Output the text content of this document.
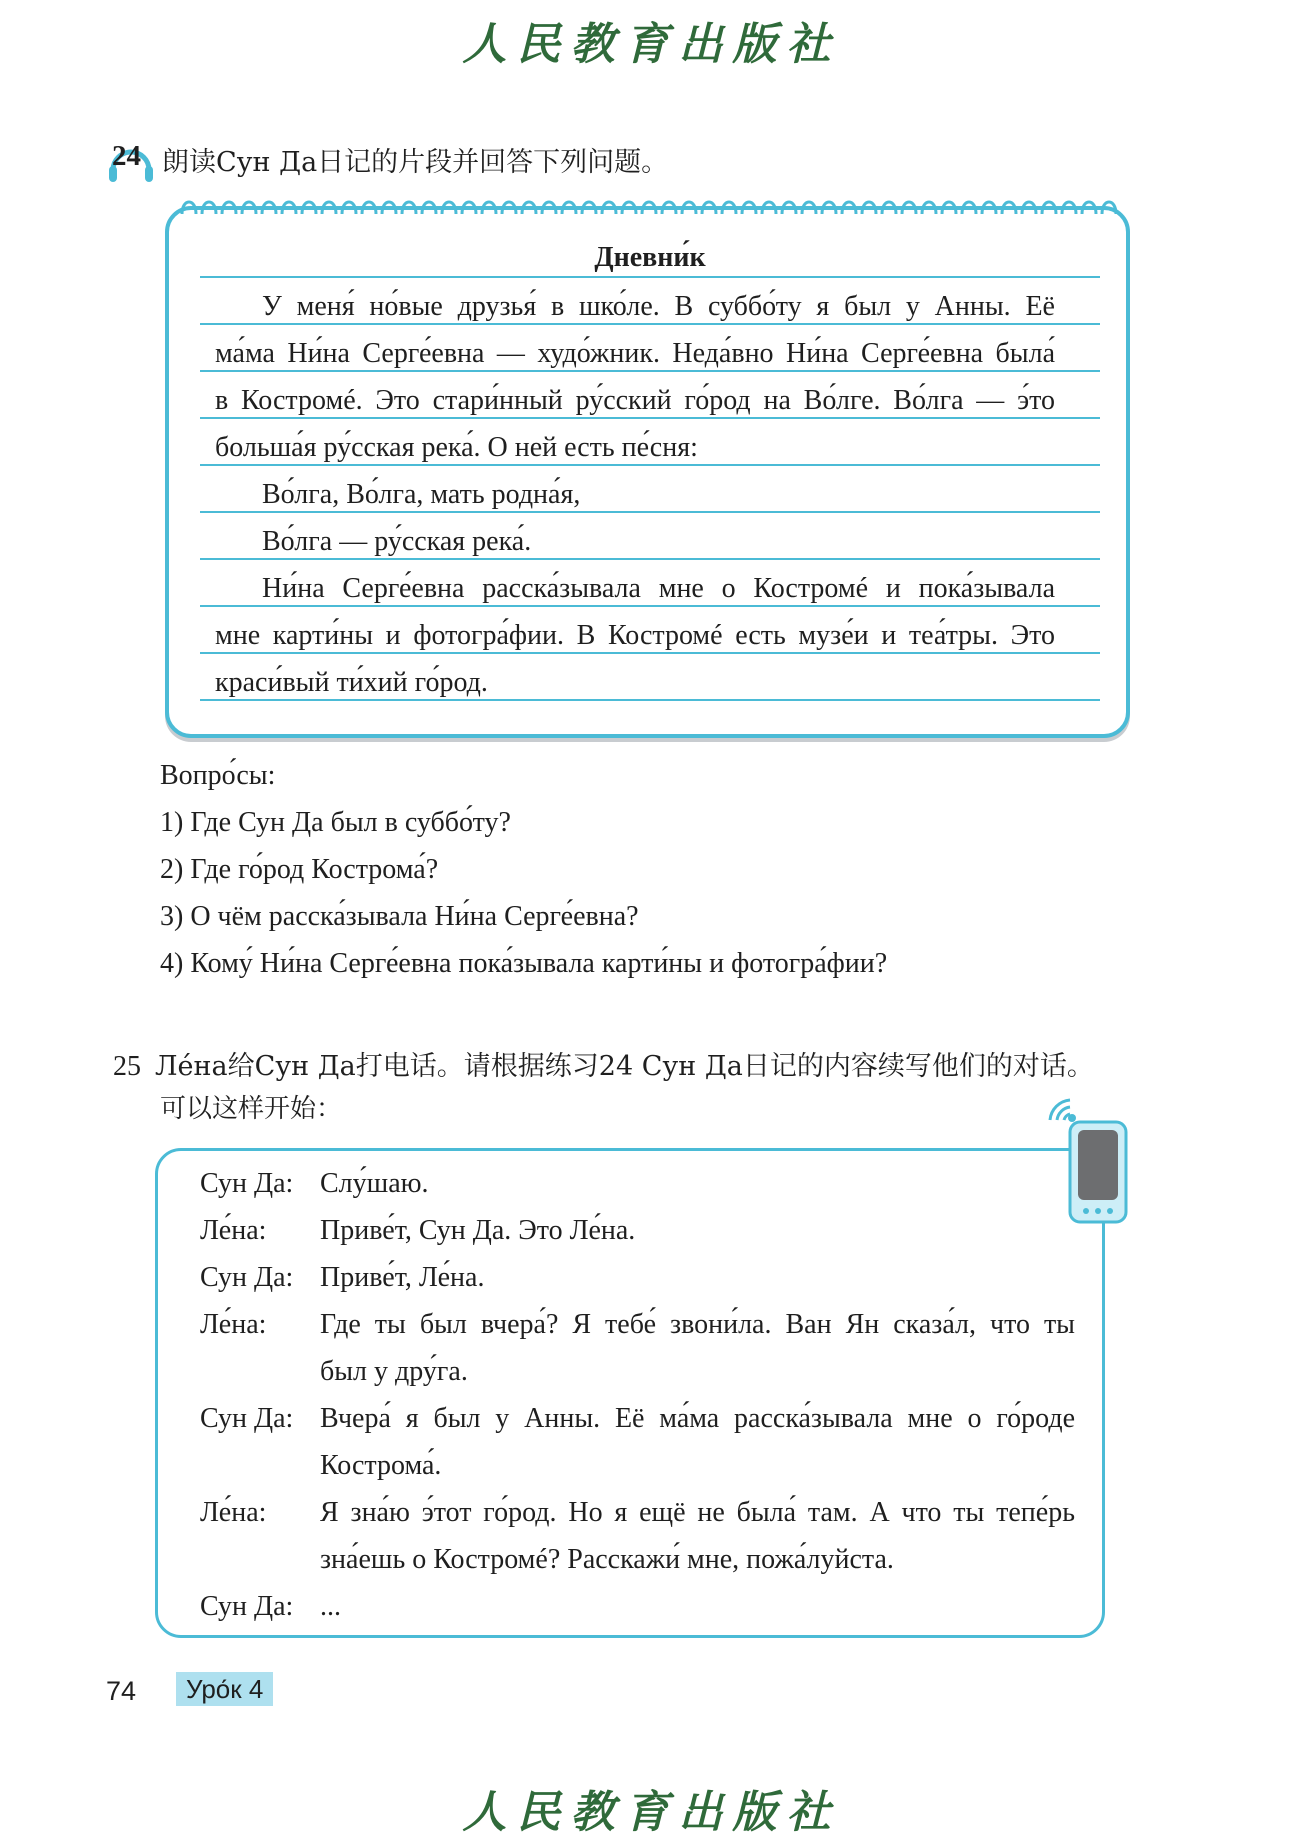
人民教育出版社
24 朗读Сун Да日记的片段并回答下列问题。
Дневни́к
У меня́ но́вые друзья́ в шко́ле. В суббо́ту я был у Анны. Её
ма́ма Ни́на Серге́евна — худо́жник. Неда́вно Ни́на Серге́евна была́
в Костромé. Это стари́нный ру́сский го́род на Во́лге. Во́лга — э́то
больша́я ру́сская река́. О ней есть пе́сня:
Во́лга, Во́лга, мать родна́я,
Во́лга — ру́сская река́.
Ни́на Серге́евна расска́зывала мне о Костромé и пока́зывала
мне карти́ны и фотогра́фии. В Костромé есть музе́и и теа́тры. Это
краси́вый ти́хий го́род.
Вопро́сы:
1) Где Сун Да был в суббо́ту?
2) Где го́род Кострома́?
3) О чём расска́зывала Ни́на Серге́евна?
4) Кому́ Ни́на Серге́евна пока́зывала карти́ны и фотогра́фии?
25 Ле́на给Сун Да打电话。请根据练习24 Сун Да日记的内容续写他们的对话。
可以这样开始：
Сун Да: Слу́шаю.
Ле́на: Приве́т, Сун Да. Это Ле́на.
Сун Да: Приве́т, Ле́на.
Ле́на: Где ты был вчера́? Я тебе́ звони́ла. Ван Ян сказа́л, что ты
был у дру́га.
Сун Да: Вчера́ я был у Анны. Её ма́ма расска́зывала мне о го́роде
Кострома́.
Ле́на: Я зна́ю э́тот го́род. Но я ещё не была́ там. А что ты тепе́рь
зна́ешь о Костромé? Расскажи́ мне, пожа́луйста.
Сун Да: ...
74	Уро́к 4
人民教育出版社
